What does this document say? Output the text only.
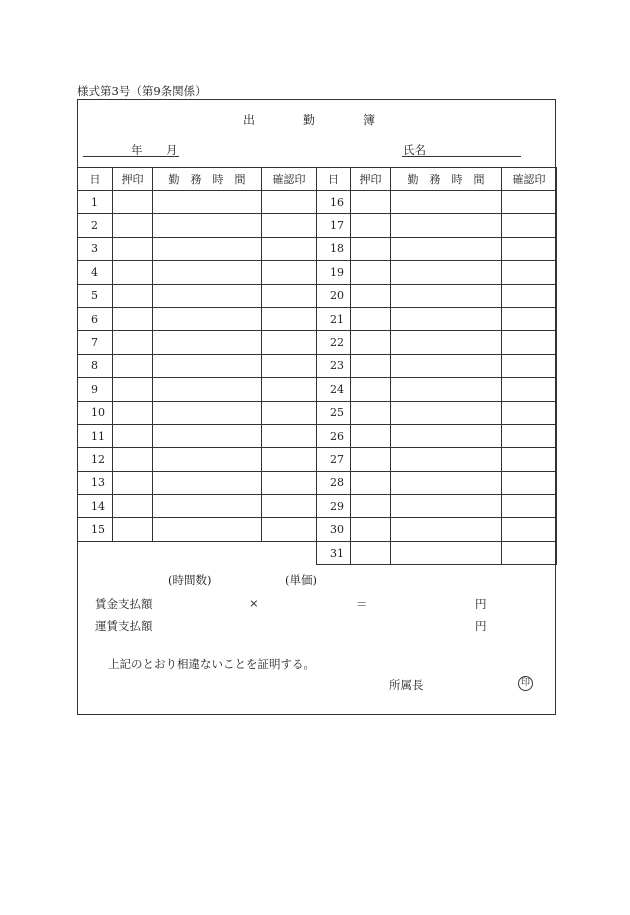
様式第3号（第9条関係）
出　　　　勤　　　　簿
年 月	氏名
日	押印	勤　務　時　間	確認印	日	押印	勤　務　時　間	確認印
1				16			
2				17			
3				18			
4				19			
5				20			
6				21			
7				22			
8				23			
9				24			
10				25			
11				26			
12				27			
13				28			
14				29			
15				30			
				31			
(時間数)	(単価)
賃金支払額	×	＝	円
運賃支払額	円
上記のとおり相違ないことを証明する。
所属長	印
